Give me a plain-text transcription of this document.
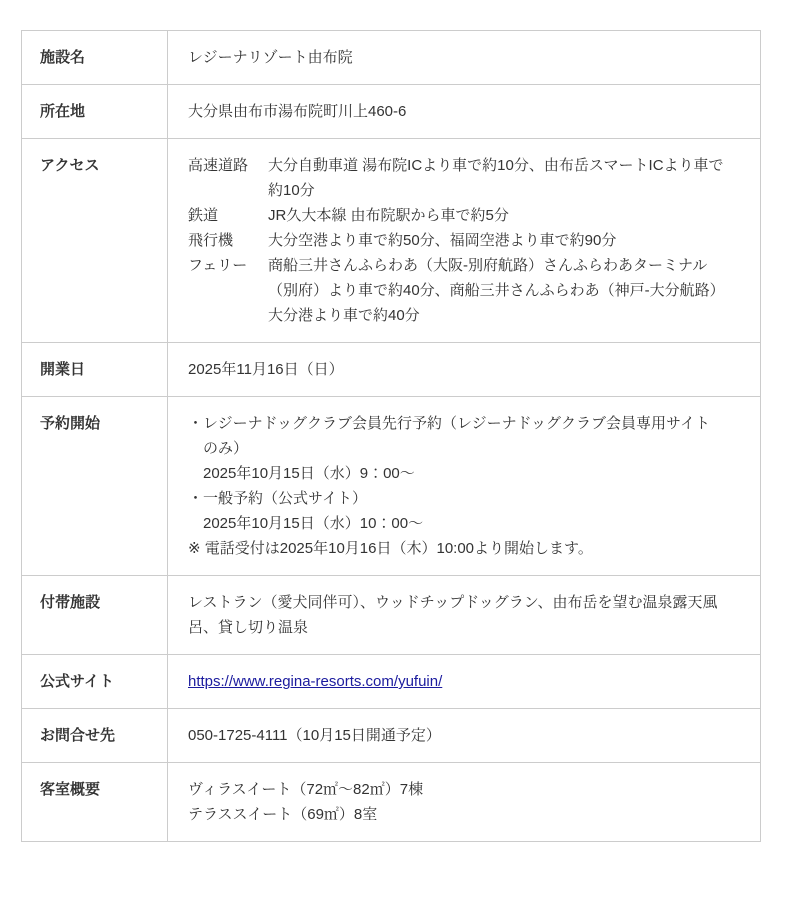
施設名	レジーナリゾート由布院
所在地	大分県由布市湯布院町川上460-6
アクセス	高速道路	大分自動車道 湯布院ICより車で約10分、由布岳スマートICより車で
約10分
鉄道	JR久大本線 由布院駅から車で約5分
飛行機	大分空港より車で約50分、福岡空港より車で約90分
フェリー	商船三井さんふらわあ（大阪-別府航路）さんふらわあターミナル
（別府）より車で約40分、商船三井さんふらわあ（神戸-大分航路）
大分港より車で約40分

開業日	2025年11月16日（日）
予約開始	・レジーナドッグクラブ会員先行予約（レジーナドッグクラブ会員専用サイト
のみ）
2025年10月15日（水）9：00～
・一般予約（公式サイト）
2025年10月15日（水）10：00～
※ 電話受付は2025年10月16日（木）10:00より開始します。

付帯施設	レストラン（愛犬同伴可）、ウッドチップドッグラン、由布岳を望む温泉露天風呂、貸し切り温泉
公式サイト	https://www.regina-resorts.com/yufuin/
お問合せ先	050-1725-4111（10月15日開通予定）
客室概要	ヴィラスイート（72㎡～82㎡）7棟
テラススイート（69㎡）8室
